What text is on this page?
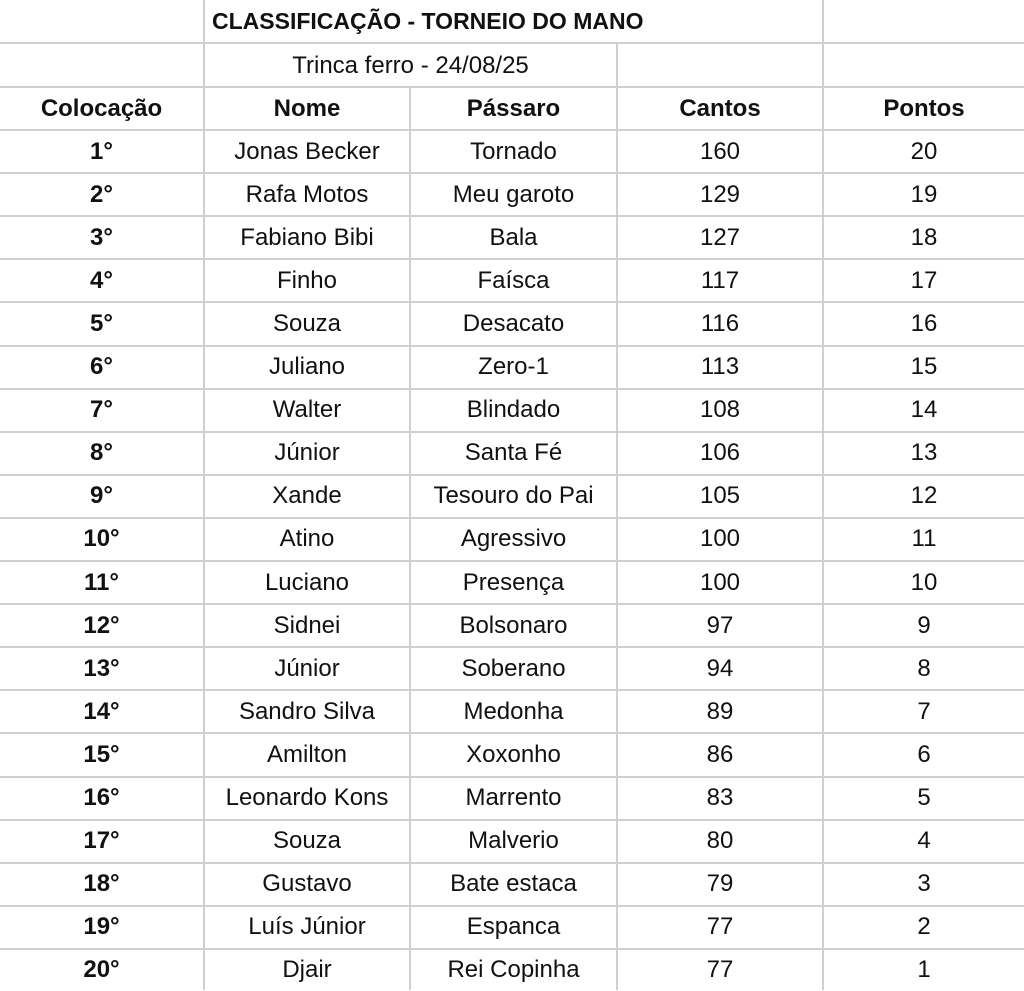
CLASSIFICAÇÃO - TORNEIO DO MANO
Trinca ferro - 24/08/25
Colocação	Nome	Pássaro	Cantos	Pontos
1°	Jonas Becker	Tornado	160	20
2°	Rafa Motos	Meu garoto	129	19
3°	Fabiano Bibi	Bala	127	18
4°	Finho	Faísca	117	17
5°	Souza	Desacato	116	16
6°	Juliano	Zero-1	113	15
7°	Walter	Blindado	108	14
8°	Júnior	Santa Fé	106	13
9°	Xande	Tesouro do Pai	105	12
10°	Atino	Agressivo	100	11
11°	Luciano	Presença	100	10
12°	Sidnei	Bolsonaro	97	9
13°	Júnior	Soberano	94	8
14°	Sandro Silva	Medonha	89	7
15°	Amilton	Xoxonho	86	6
16°	Leonardo Kons	Marrento	83	5
17°	Souza	Malverio	80	4
18°	Gustavo	Bate estaca	79	3
19°	Luís Júnior	Espanca	77	2
20°	Djair	Rei Copinha	77	1
